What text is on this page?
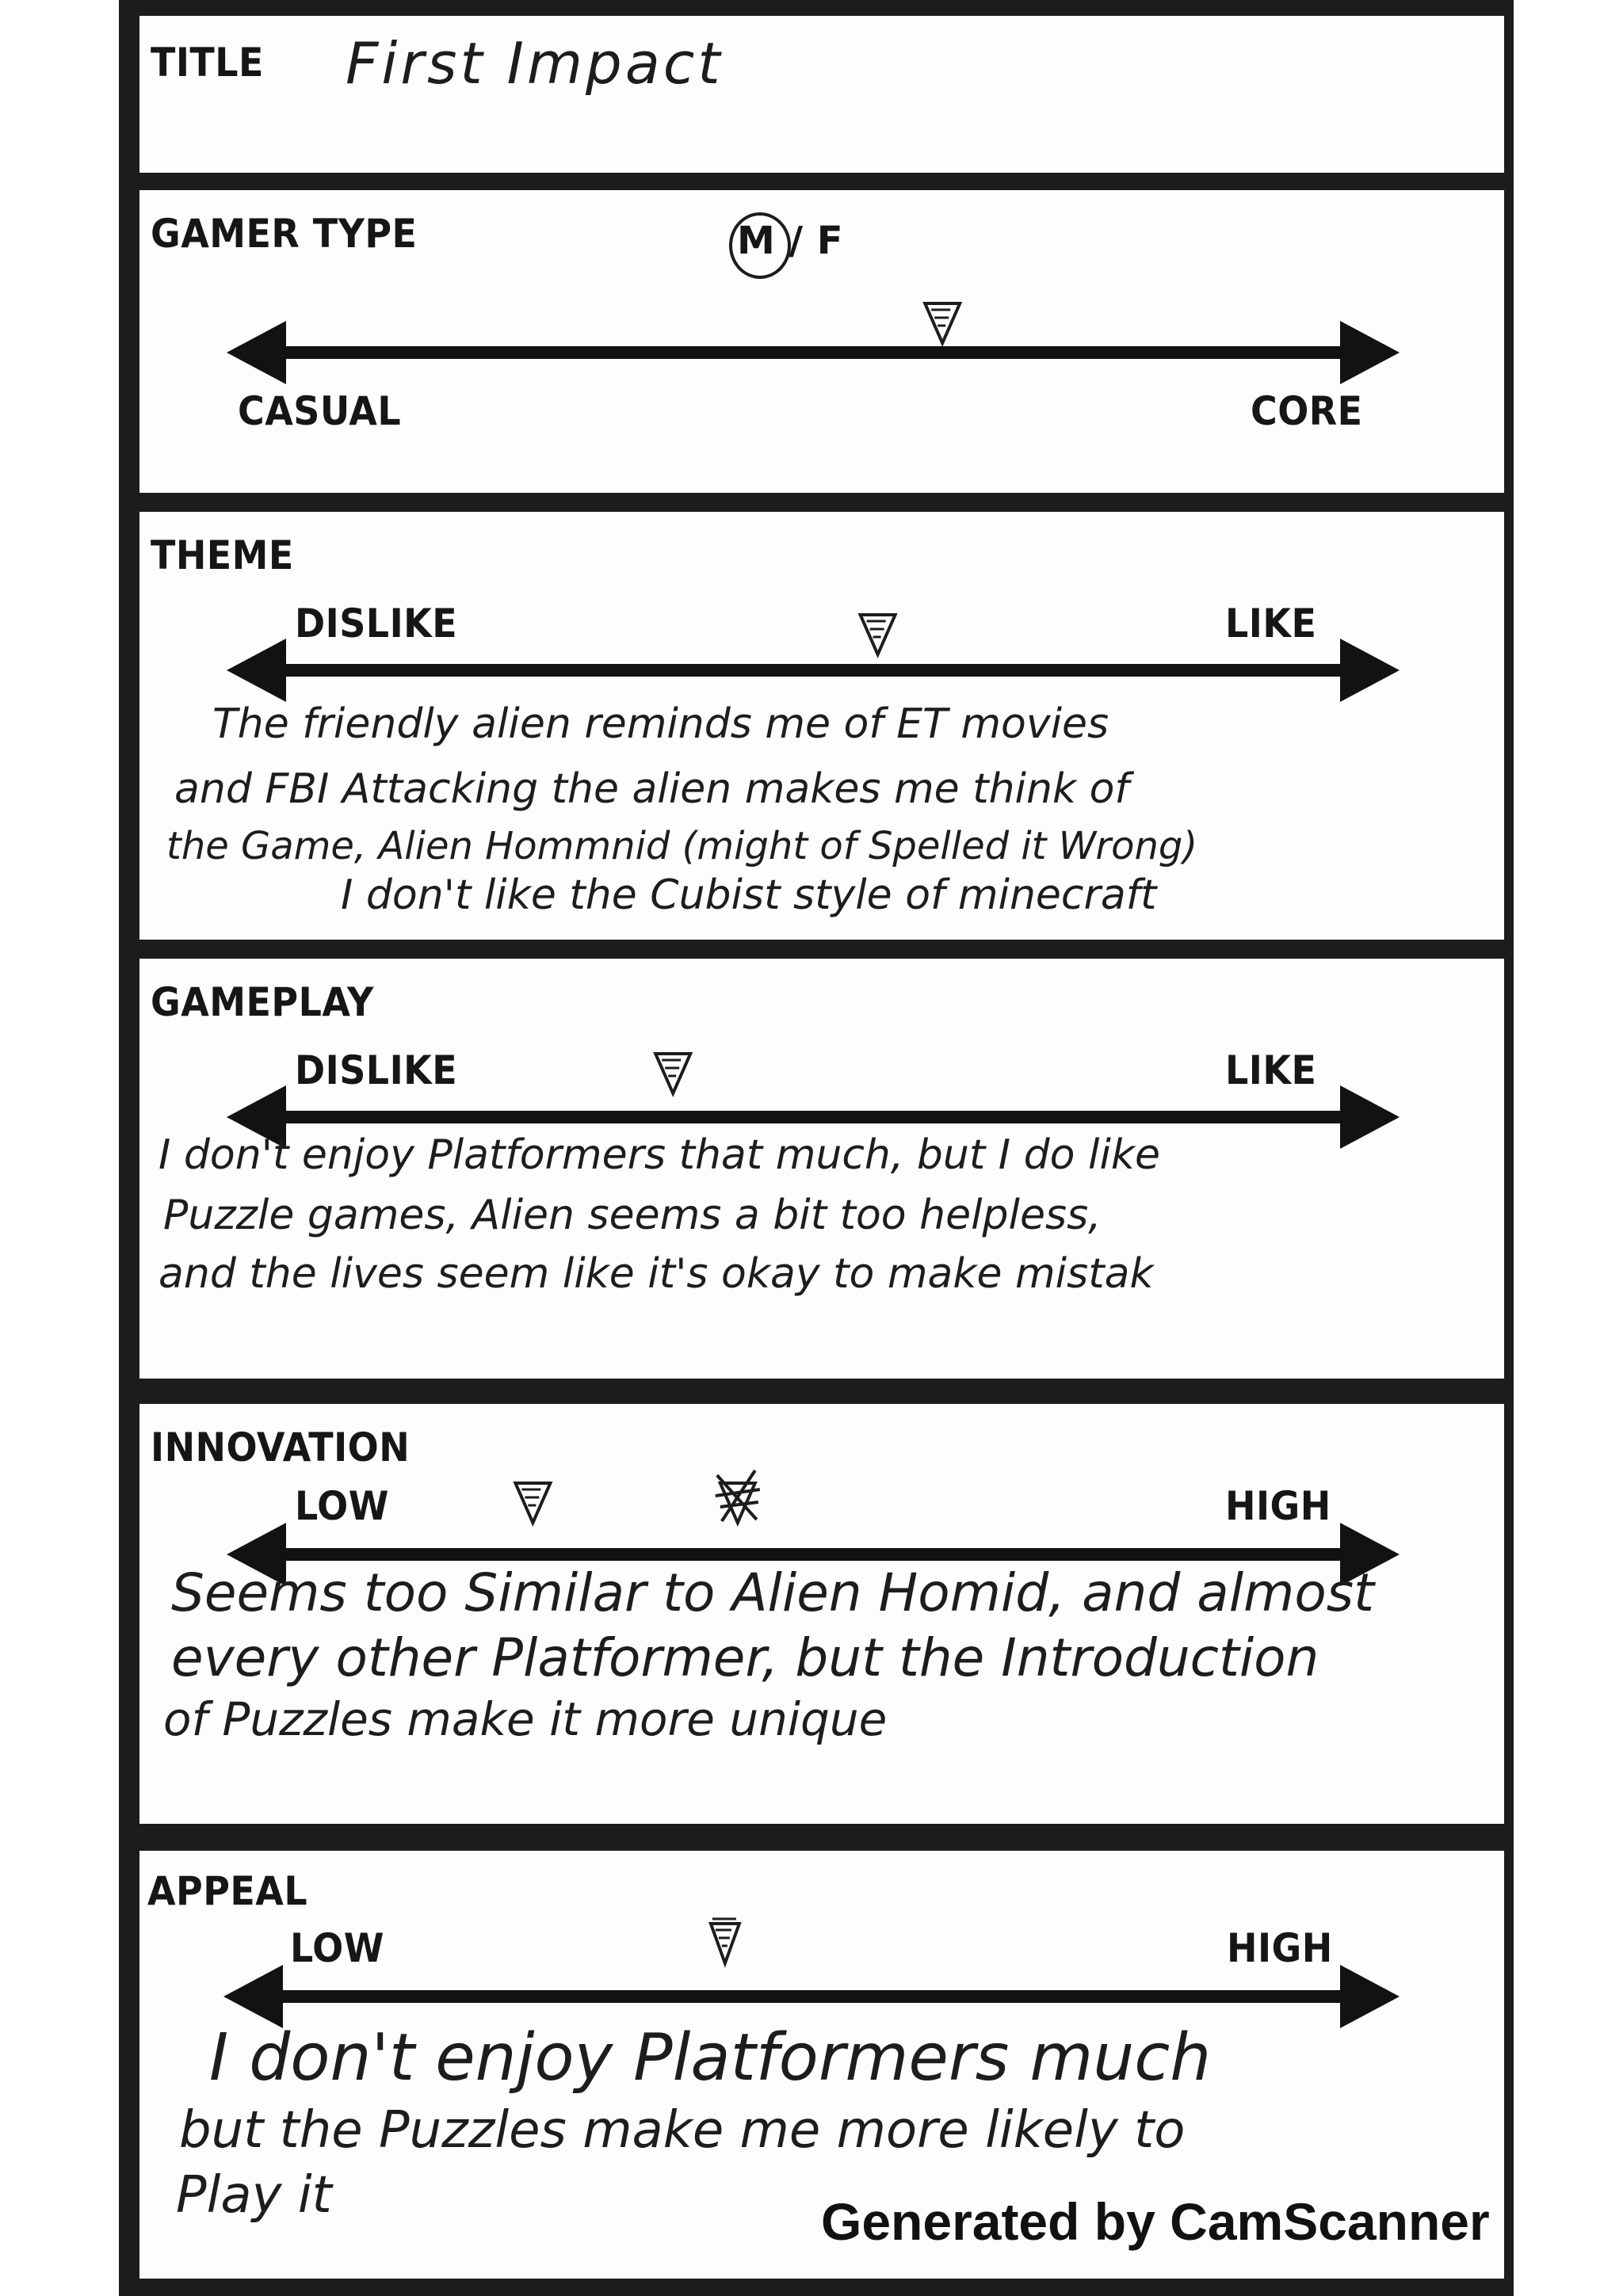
TITLE First Impact
GAMER TYPE	M / F
CASUAL	CORE
THEME
DISLIKE	LIKE
The friendly alien reminds me of ET movies
and FBI Attacking the alien makes me think of
the Game, Alien Hommnid (might of Spelled it Wrong)
I don't like the Cubist style of minecraft
GAMEPLAY
DISLIKE	LIKE
I don't enjoy Platformers that much, but I do like
Puzzle games, Alien seems a bit too helpless,
and the lives seem like it's okay to make mistak
INNOVATION
LOW	HIGH
Seems too Similar to Alien Homid, and almost
every other Platformer, but the Introduction
of Puzzles make it more unique
APPEAL
LOW	HIGH
I don't enjoy Platformers much
but the Puzzles make me more likely to
Play it	Generated by CamScanner
